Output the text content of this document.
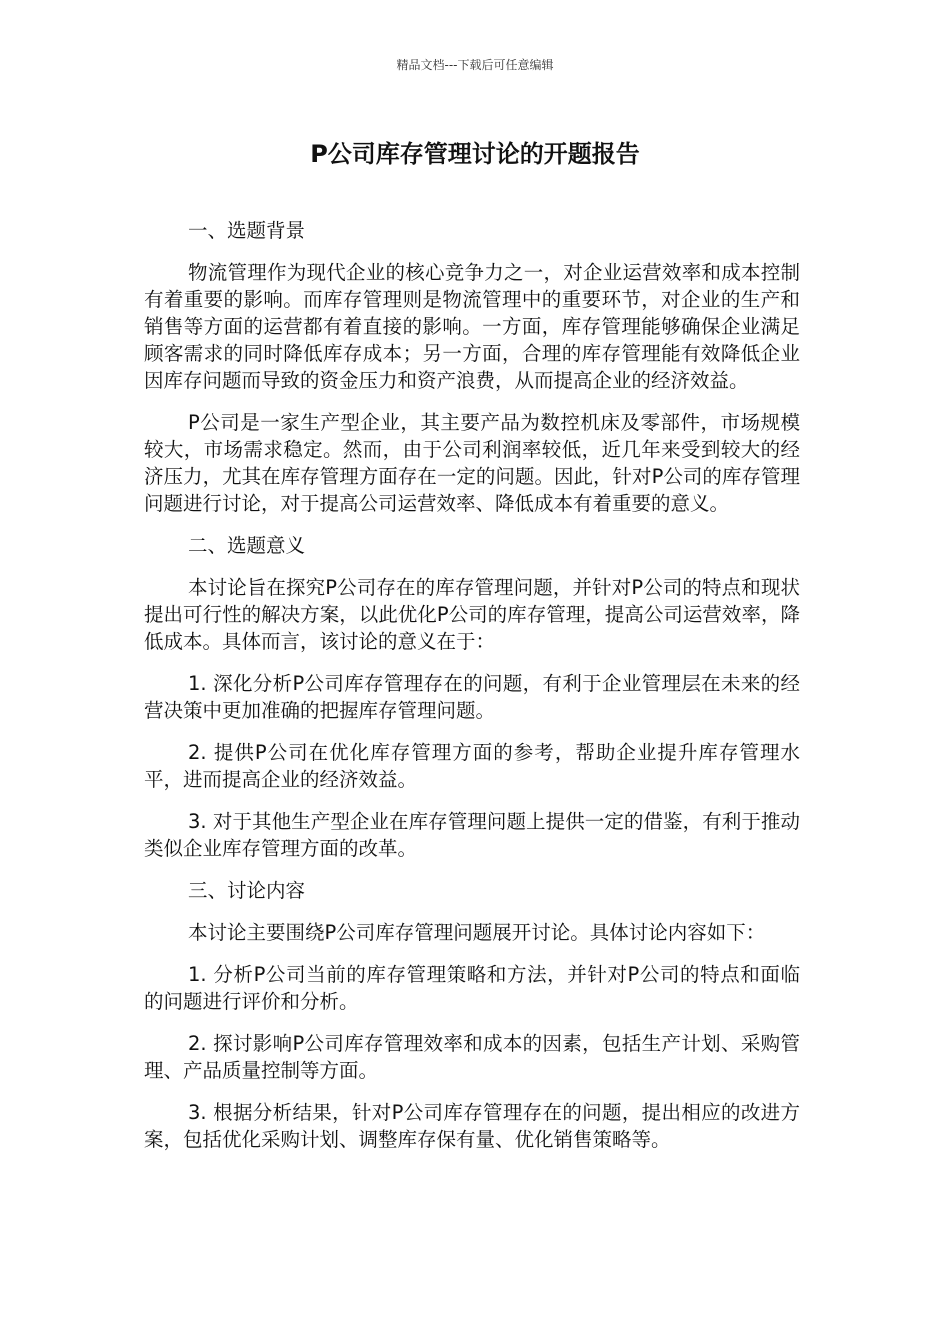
精品文档---下载后可任意编辑
P公司库存管理讨论的开题报告

一、选题背景

物流管理作为现代企业的核心竞争力之一，对企业运营效率和成本控制有着重要的影响。而库存管理则是物流管理中的重要环节，对企业的生产和销售等方面的运营都有着直接的影响。一方面，库存管理能够确保企业满足顾客需求的同时降低库存成本；另一方面，合理的库存管理能有效降低企业因库存问题而导致的资金压力和资产浪费，从而提高企业的经济效益。

P公司是一家生产型企业，其主要产品为数控机床及零部件，市场规模较大，市场需求稳定。然而，由于公司利润率较低，近几年来受到较大的经济压力，尤其在库存管理方面存在一定的问题。因此，针对P公司的库存管理问题进行讨论，对于提高公司运营效率、降低成本有着重要的意义。

二、选题意义

本讨论旨在探究P公司存在的库存管理问题，并针对P公司的特点和现状提出可行性的解决方案，以此优化P公司的库存管理，提高公司运营效率，降低成本。具体而言，该讨论的意义在于：

1. 深化分析P公司库存管理存在的问题，有利于企业管理层在未来的经营决策中更加准确的把握库存管理问题。

2. 提供P公司在优化库存管理方面的参考，帮助企业提升库存管理水平，进而提高企业的经济效益。

3. 对于其他生产型企业在库存管理问题上提供一定的借鉴，有利于推动类似企业库存管理方面的改革。

三、讨论内容

本讨论主要围绕P公司库存管理问题展开讨论。具体讨论内容如下：

1. 分析P公司当前的库存管理策略和方法，并针对P公司的特点和面临的问题进行评价和分析。

2. 探讨影响P公司库存管理效率和成本的因素，包括生产计划、采购管理、产品质量控制等方面。

3. 根据分析结果，针对P公司库存管理存在的问题，提出相应的改进方案，包括优化采购计划、调整库存保有量、优化销售策略等。
